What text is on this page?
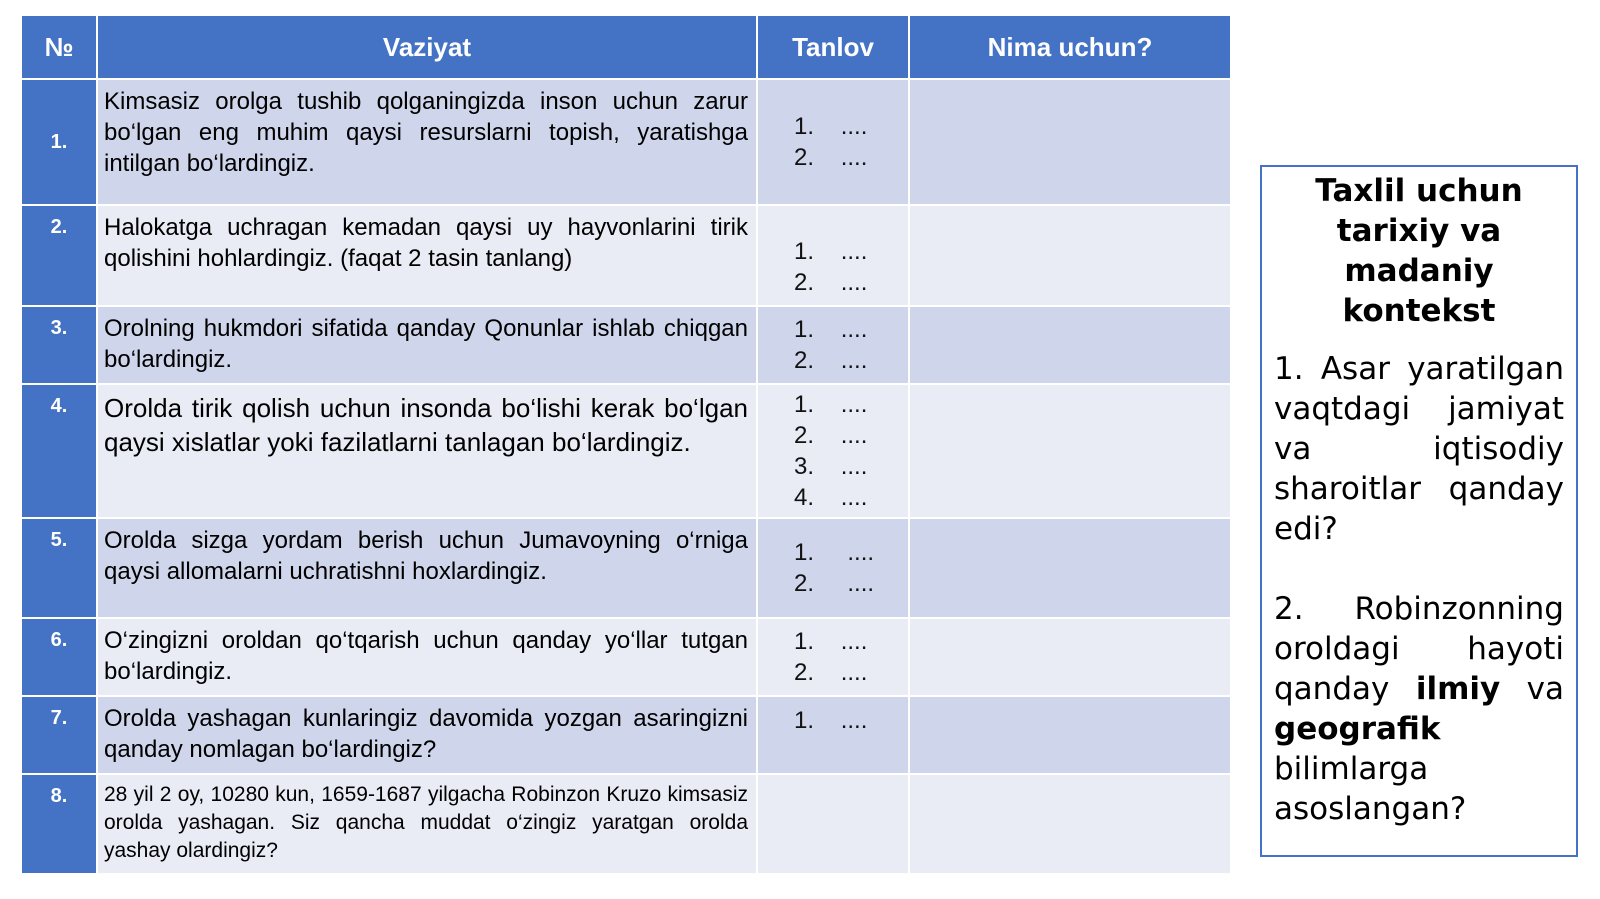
№	Vaziyat	Tanlov	Nima uchun?
1.	Kimsasiz orolga tushib qolganingizda inson uchun zarur bo‘lgan eng muhim qaysi resurslarni topish, yaratishga intilgan bo‘lardingiz.	1.    ....
2.    ....	

2.	Halokatga uchragan kemadan qaysi uy hayvonlarini tirik qolishini hohlardingiz. (faqat 2 tasin tanlang)	1.    ....
2.    ....	

3.	Orolning hukmdori sifatida qanday Qonunlar ishlab chiqgan bo‘lardingiz.	1.    ....
2.    ....	

4.	Orolda tirik qolish uchun insonda bo‘lishi kerak bo‘lgan qaysi xislatlar yoki fazilatlarni tanlagan bo‘lardingiz.	1.    ....
2.    ....
3.    ....
4.    ....	

5.	Orolda sizga yordam berish uchun Jumavoyning o‘rniga qaysi allomalarni uchratishni hoxlardingiz.	1.     ....
2.     ....	

6.	O‘zingizni oroldan qo‘tqarish uchun qanday yo‘llar tutgan bo‘lardingiz.	1.    ....
2.    ....	

7.	Orolda yashagan kunlaringiz davomida yozgan asaringizni qanday nomlagan bo‘lardingiz?	1.    ....	

8.	28 yil 2 oy, 10280 kun, 1659-1687 yilgacha Robinzon Kruzo kimsasiz orolda yashagan. Siz qancha muddat o‘zingiz yaratgan orolda yashay olardingiz?		
Taxlil uchun tarixiy va madaniy kontekst

1. Asar yaratilgan vaqtdagi jamiyat va iqtisodiy sharoitlar qanday edi?

2. Robinzonning oroldagi hayoti qanday ilmiy va geografik bilimlarga asoslangan?
